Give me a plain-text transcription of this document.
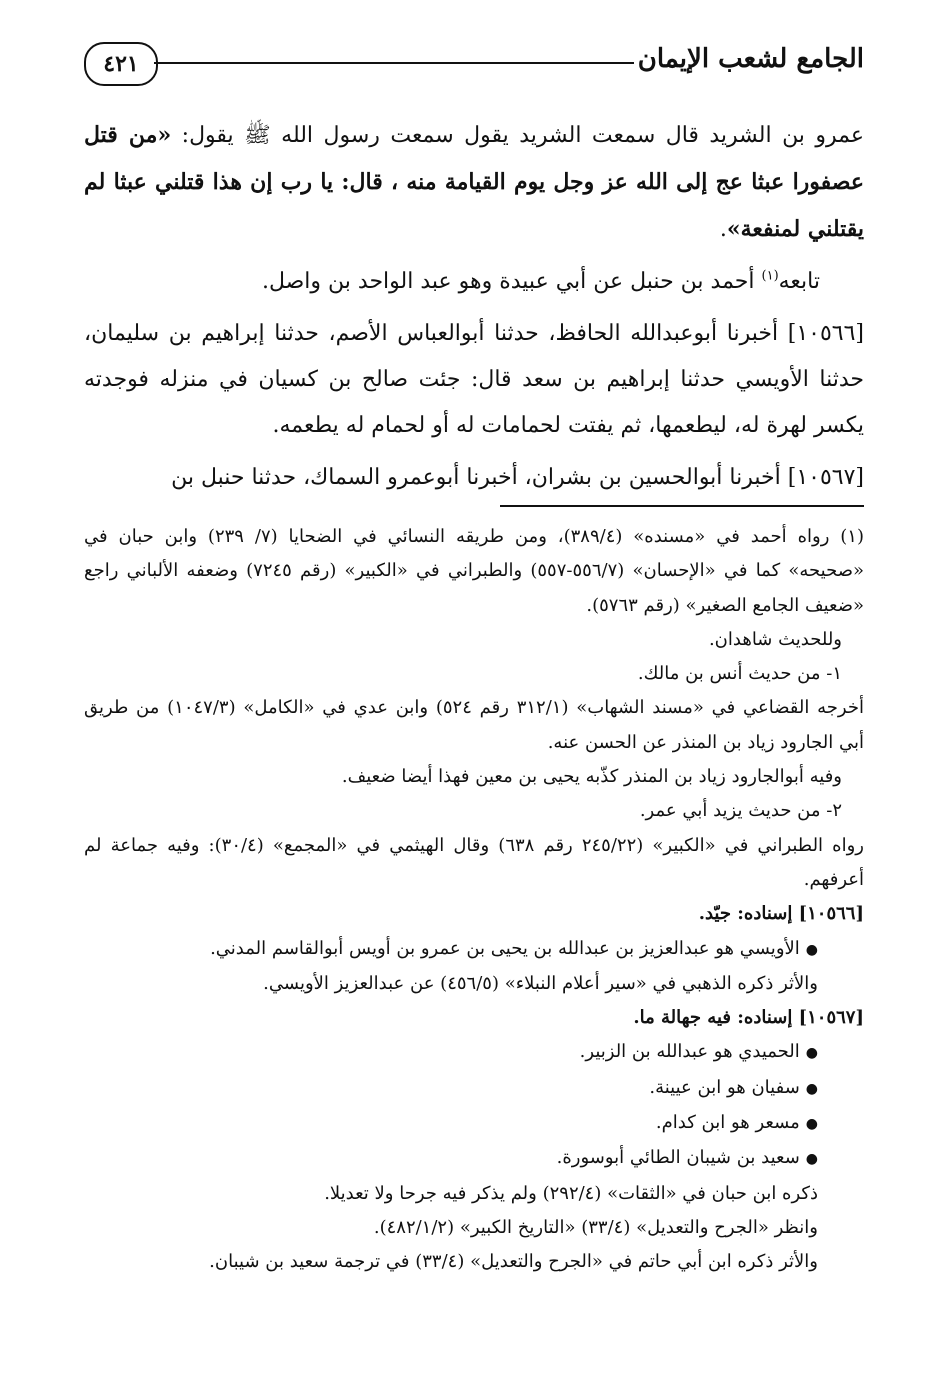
٤٢١	الجامع لشعب الإيمان

عمرو بن الشريد قال سمعت الشريد يقول سمعت رسول الله ﷺ يقول: «من قتل عصفورا عبثا عج إلى الله عز وجل يوم القيامة منه ، قال: يا رب إن هذا قتلني عبثا لم يقتلني لمنفعة».

تابعه$^{(١)}$ أحمد بن حنبل عن أبي عبيدة وهو عبد الواحد بن واصل.

[١٠٥٦٦] أخبرنا أبوعبدالله الحافظ، حدثنا أبوالعباس الأصم، حدثنا إبراهيم بن سليمان، حدثنا الأويسي حدثنا إبراهيم بن سعد قال: جئت صالح بن كسيان في منزله فوجدته يكسر لهرة له، ليطعمها، ثم يفتت لحمامات له أو لحمام له يطعمه.

[١٠٥٦٧] أخبرنا أبوالحسين بن بشران، أخبرنا أبوعمرو السماك، حدثنا حنبل بن

(١) رواه أحمد في «مسنده» (٣٨٩/٤)، ومن طريقه النسائي في الضحايا (٧/ ٢٣٩) وابن حبان في «صحيحه» كما في «الإحسان» (٥٥٦/٧-٥٥٧) والطبراني في «الكبير» (رقم ٧٢٤٥) وضعفه الألباني راجع «ضعيف الجامع الصغير» (رقم ٥٧٦٣).

وللحديث شاهدان.

١- من حديث أنس بن مالك.

أخرجه القضاعي في «مسند الشهاب» (٣١٢/١ رقم ٥٢٤) وابن عدي في «الكامل» (١٠٤٧/٣) من طريق أبي الجارود زياد بن المنذر عن الحسن عنه.

وفيه أبوالجارود زياد بن المنذر كذّبه يحيى بن معين فهذا أيضا ضعيف.

٢- من حديث يزيد أبي عمر.

رواه الطبراني في «الكبير» (٢٤٥/٢٢ رقم ٦٣٨) وقال الهيثمي في «المجمع» (٣٠/٤): وفيه جماعة لم أعرفهم.

[١٠٥٦٦] إسناده: جيّد.

●الأويسي هو عبدالعزيز بن عبدالله بن يحيى بن عمرو بن أويس أبوالقاسم المدني.

والأثر ذكره الذهبي في «سير أعلام النبلاء» (٤٥٦/٥) عن عبدالعزيز الأويسي.

[١٠٥٦٧] إسناده: فيه جهالة ما.

●الحميدي هو عبدالله بن الزبير.

●سفيان هو ابن عيينة.

●مسعر هو ابن كدام.

●سعيد بن شيبان الطائي أبوسورة.

ذكره ابن حبان في «الثقات» (٢٩٢/٤) ولم يذكر فيه جرحا ولا تعديلا.

وانظر «الجرح والتعديل» (٣٣/٤) «التاريخ الكبير» (٤٨٢/١/٢).

والأثر ذكره ابن أبي حاتم في «الجرح والتعديل» (٣٣/٤) في ترجمة سعيد بن شيبان.
